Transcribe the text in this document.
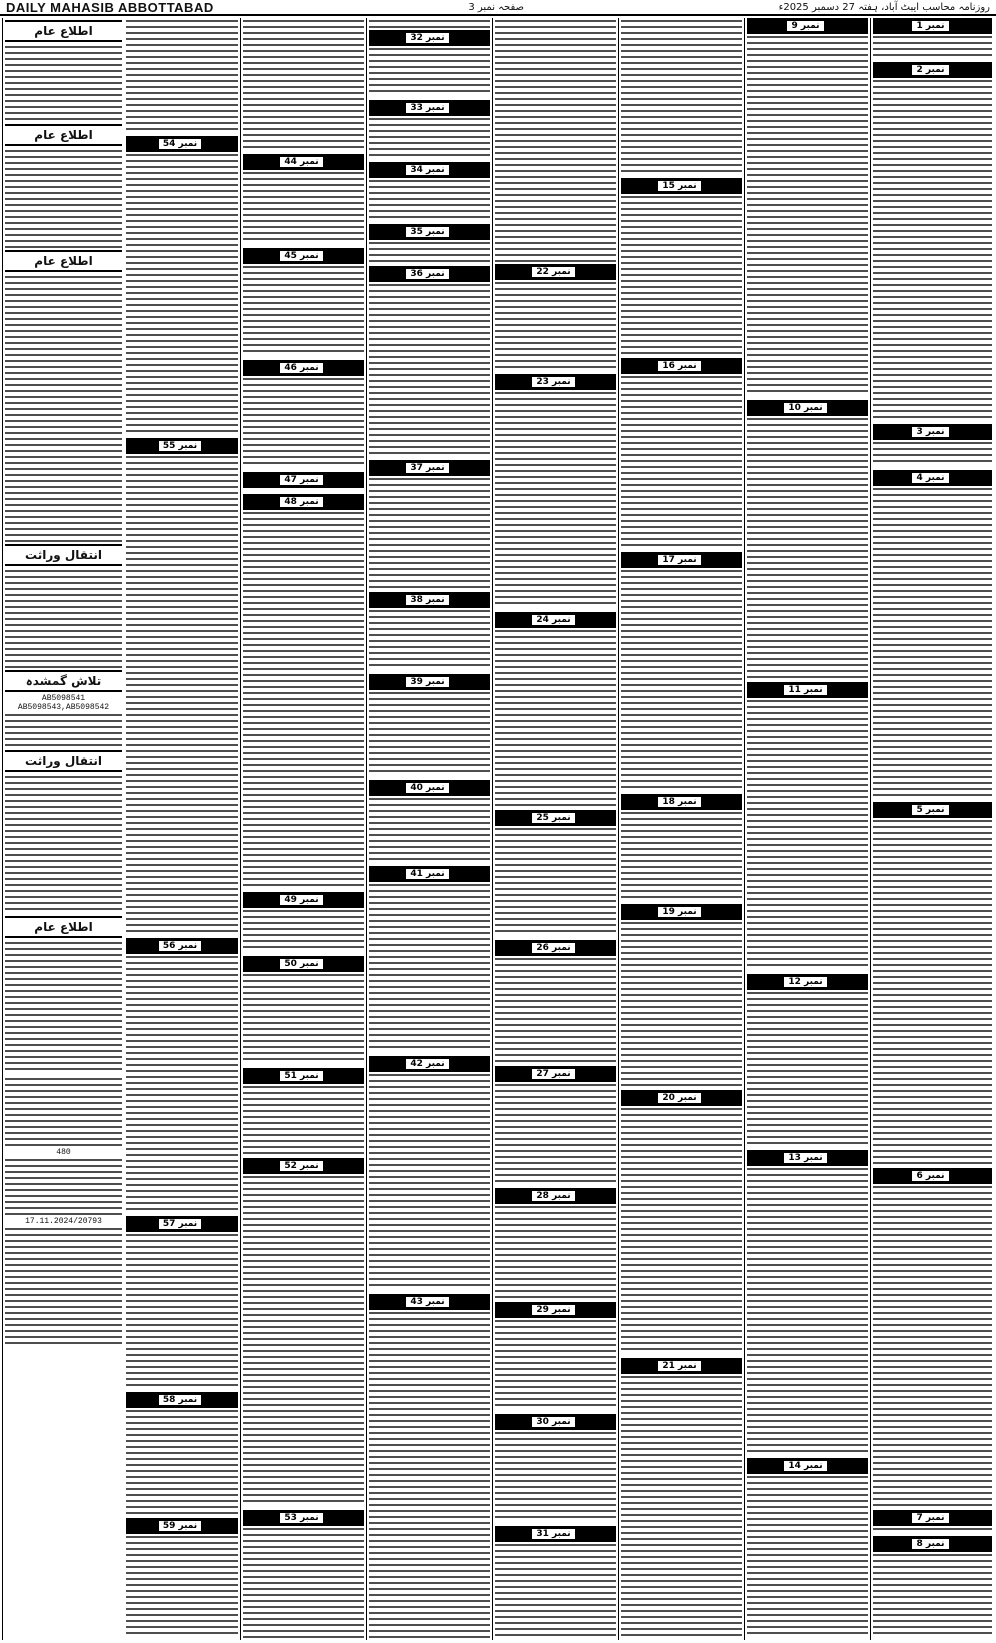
DAILY MAHASIB ABBOTTABAD	صفحہ نمبر 3	روزنامہ محاسب ایبٹ آباد، ہفتہ 27 دسمبر 2025ء
اطلاع عام
اطلاع عام
اطلاع عام
انتقال وراثت
تلاش گمشدہ
AB5098541
AB5098543,AB5098542
انتقال وراثت
اطلاع عام
480
17.11.2024/20793
نمبر 1
نمبر 2
نمبر 3
نمبر 4
نمبر 5
نمبر 6
نمبر 7
نمبر 8
نمبر 9
نمبر 10
نمبر 11
نمبر 12
نمبر 13
نمبر 14
نمبر 15
نمبر 16
نمبر 17
نمبر 18
نمبر 19
نمبر 20
نمبر 21
نمبر 22
نمبر 23
نمبر 24
نمبر 25
نمبر 26
نمبر 27
نمبر 28
نمبر 29
نمبر 30
نمبر 31
نمبر 32
نمبر 33
نمبر 34
نمبر 35
نمبر 36
نمبر 37
نمبر 38
نمبر 39
نمبر 40
نمبر 41
نمبر 42
نمبر 43
نمبر 44
نمبر 45
نمبر 46
نمبر 47
نمبر 48
نمبر 49
نمبر 50
نمبر 51
نمبر 52
نمبر 53
نمبر 54
نمبر 55
نمبر 56
نمبر 57
نمبر 58
نمبر 59
